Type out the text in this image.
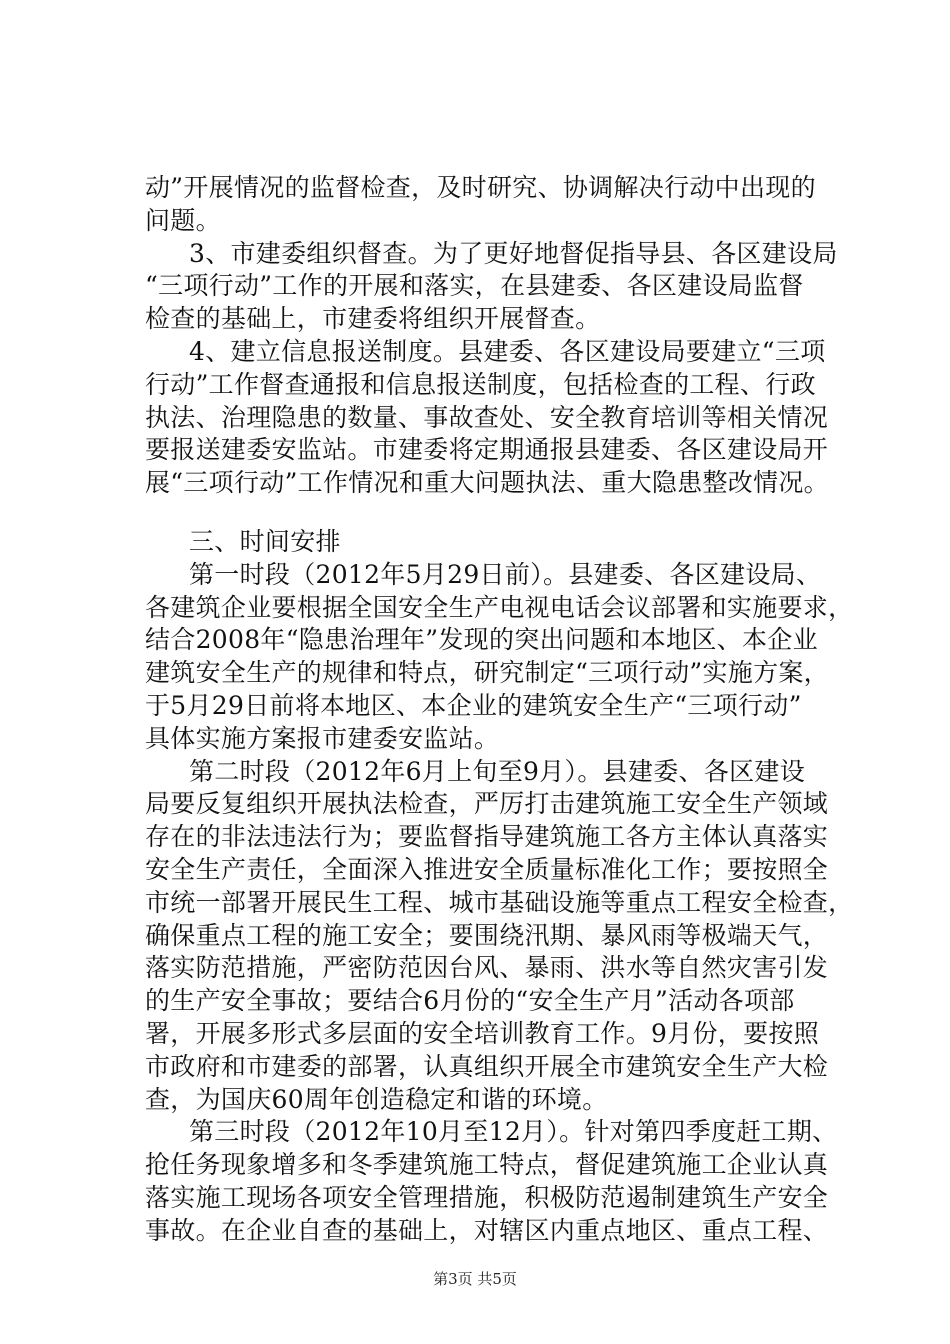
动”开展情况的监督检查，及时研究、协调解决行动中出现的
问题。
3、市建委组织督查。为了更好地督促指导县、各区建设局
“三项行动”工作的开展和落实，在县建委、各区建设局监督
检查的基础上，市建委将组织开展督查。
4、建立信息报送制度。县建委、各区建设局要建立“三项
行动”工作督查通报和信息报送制度，包括检查的工程、行政
执法、治理隐患的数量、事故查处、安全教育培训等相关情况
要报送建委安监站。市建委将定期通报县建委、各区建设局开
展“三项行动”工作情况和重大问题执法、重大隐患整改情况。
三、时间安排
第一时段（2012年5月29日前）。县建委、各区建设局、
各建筑企业要根据全国安全生产电视电话会议部署和实施要求，
结合2008年“隐患治理年”发现的突出问题和本地区、本企业
建筑安全生产的规律和特点，研究制定“三项行动”实施方案，
于5月29日前将本地区、本企业的建筑安全生产“三项行动”
具体实施方案报市建委安监站。
第二时段（2012年6月上旬至9月）。县建委、各区建设
局要反复组织开展执法检查，严厉打击建筑施工安全生产领域
存在的非法违法行为；要监督指导建筑施工各方主体认真落实
安全生产责任，全面深入推进安全质量标准化工作；要按照全
市统一部署开展民生工程、城市基础设施等重点工程安全检查，
确保重点工程的施工安全；要围绕汛期、暴风雨等极端天气，
落实防范措施，严密防范因台风、暴雨、洪水等自然灾害引发
的生产安全事故；要结合6月份的“安全生产月”活动各项部
署，开展多形式多层面的安全培训教育工作。9月份，要按照
市政府和市建委的部署，认真组织开展全市建筑安全生产大检
查，为国庆60周年创造稳定和谐的环境。
第三时段（2012年10月至12月）。针对第四季度赶工期、
抢任务现象增多和冬季建筑施工特点，督促建筑施工企业认真
落实施工现场各项安全管理措施，积极防范遏制建筑生产安全
事故。在企业自查的基础上，对辖区内重点地区、重点工程、
第3页 共5页
